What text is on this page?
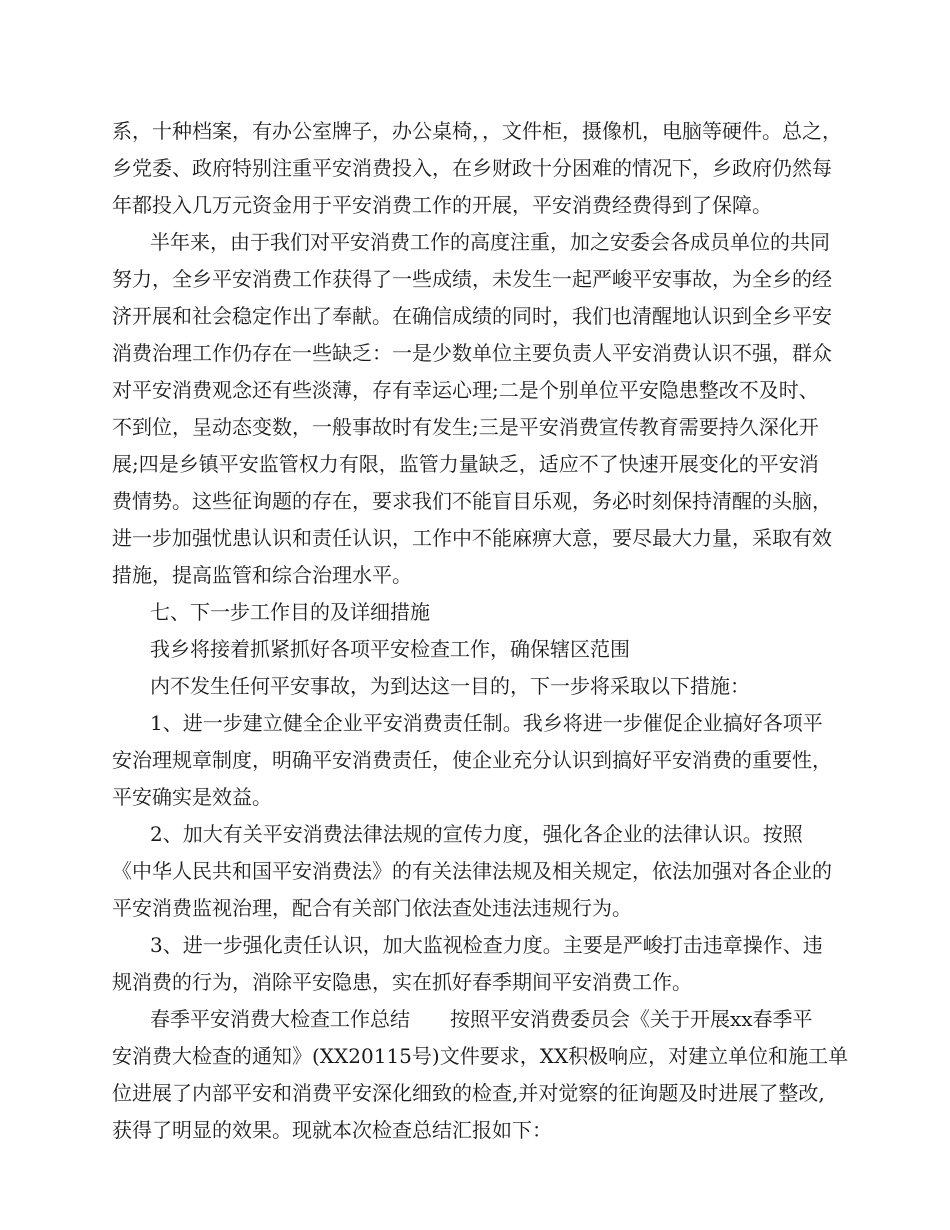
系，十种档案，有办公室牌子，办公桌椅，，文件柜，摄像机，电脑等硬件。总之，
乡党委、政府特别注重平安消费投入，在乡财政十分困难的情况下，乡政府仍然每
年都投入几万元资金用于平安消费工作的开展，平安消费经费得到了保障。
半年来，由于我们对平安消费工作的高度注重，加之安委会各成员单位的共同
努力，全乡平安消费工作获得了一些成绩，未发生一起严峻平安事故，为全乡的经
济开展和社会稳定作出了奉献。在确信成绩的同时，我们也清醒地认识到全乡平安
消费治理工作仍存在一些缺乏：一是少数单位主要负责人平安消费认识不强，群众
对平安消费观念还有些淡薄，存有幸运心理;二是个别单位平安隐患整改不及时、
不到位，呈动态变数，一般事故时有发生;三是平安消费宣传教育需要持久深化开
展;四是乡镇平安监管权力有限，监管力量缺乏，适应不了快速开展变化的平安消
费情势。这些征询题的存在，要求我们不能盲目乐观，务必时刻保持清醒的头脑，
进一步加强忧患认识和责任认识，工作中不能麻痹大意，要尽最大力量，采取有效
措施，提高监管和综合治理水平。
七、下一步工作目的及详细措施
我乡将接着抓紧抓好各项平安检查工作，确保辖区范围
内不发生任何平安事故，为到达这一目的，下一步将采取以下措施：
1、进一步建立健全企业平安消费责任制。我乡将进一步催促企业搞好各项平
安治理规章制度，明确平安消费责任，使企业充分认识到搞好平安消费的重要性，
平安确实是效益。
2、加大有关平安消费法律法规的宣传力度，强化各企业的法律认识。按照
《中华人民共和国平安消费法》的有关法律法规及相关规定，依法加强对各企业的
平安消费监视治理，配合有关部门依法查处违法违规行为。
3、进一步强化责任认识，加大监视检查力度。主要是严峻打击违章操作、违
规消费的行为，消除平安隐患，实在抓好春季期间平安消费工作。
春季平安消费大检查工作总结　　按照平安消费委员会《关于开展xx春季平
安消费大检查的通知》(XX20115号)文件要求，XX积极响应，对建立单位和施工单
位进展了内部平安和消费平安深化细致的检查,并对觉察的征询题及时进展了整改,
获得了明显的效果。现就本次检查总结汇报如下：
